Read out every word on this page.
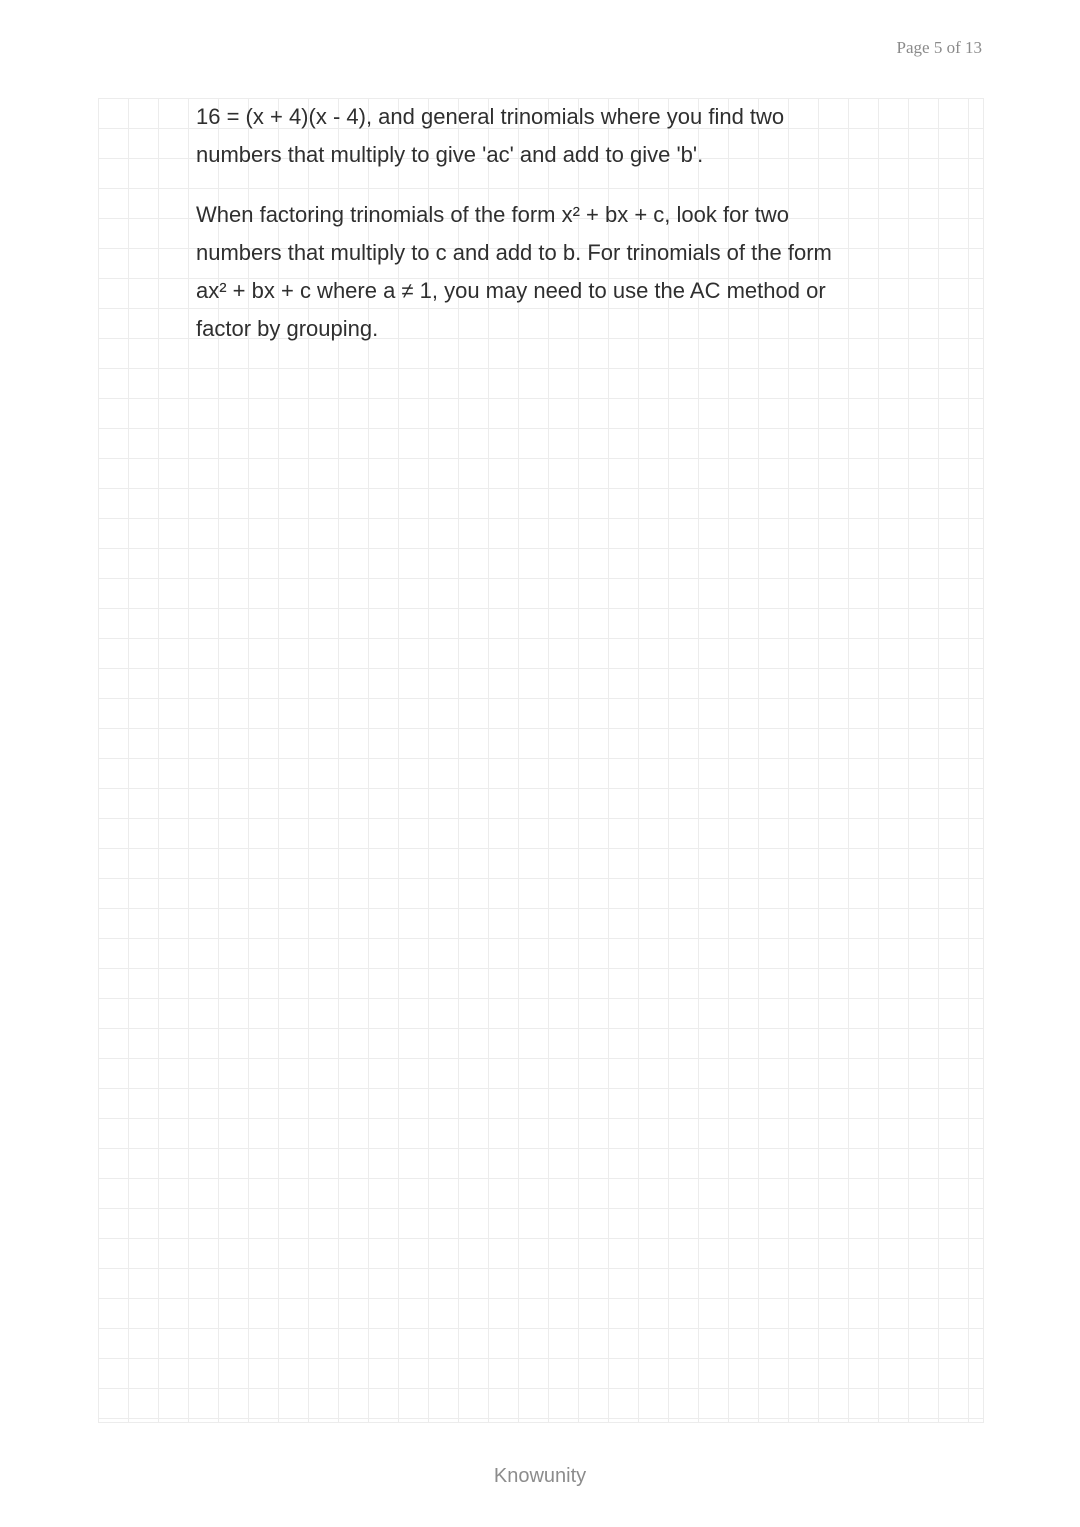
Page 5 of 13

16 = (x + 4)(x - 4), and general trinomials where you find two numbers that multiply to give 'ac' and add to give 'b'.

When factoring trinomials of the form x² + bx + c, look for two numbers that multiply to c and add to b. For trinomials of the form ax² + bx + c where a ≠ 1, you may need to use the AC method or factor by grouping.

Knowunity
